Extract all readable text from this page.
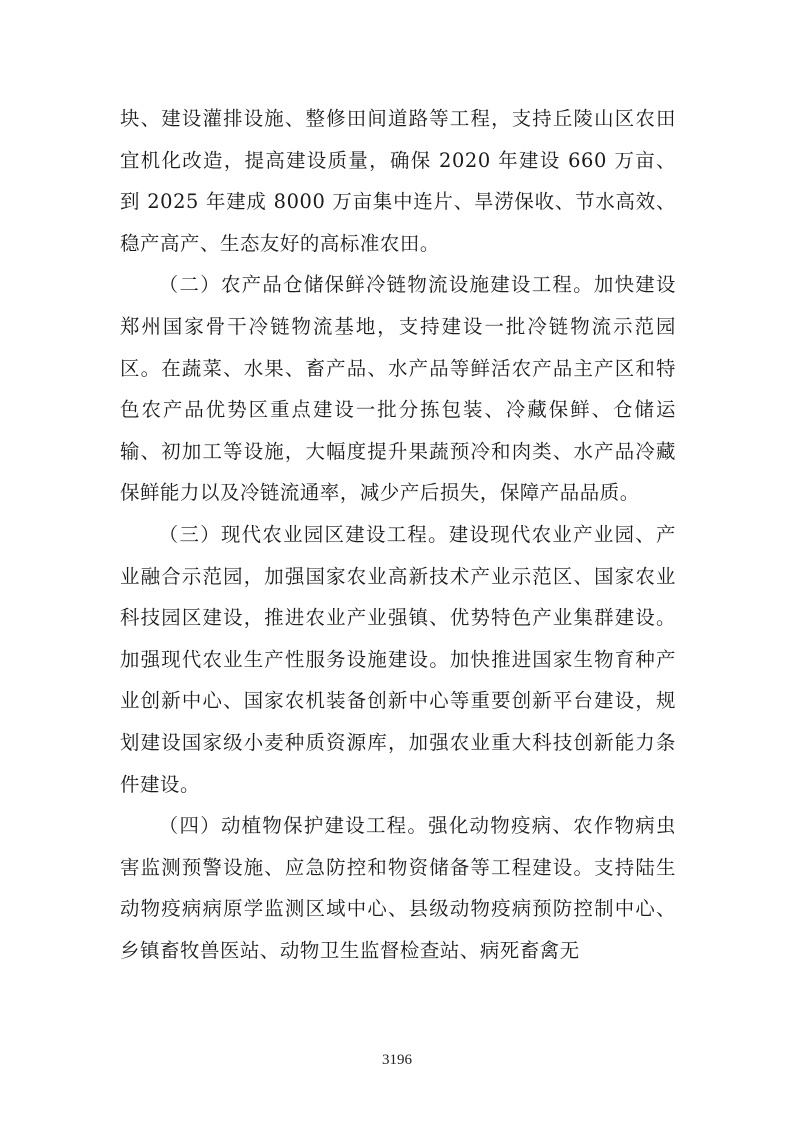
块、建设灌排设施、整修田间道路等工程，支持丘陵山区农田宜机化改造，提高建设质量，确保 2020 年建设 660 万亩、到 2025 年建成 8000 万亩集中连片、旱涝保收、节水高效、稳产高产、生态友好的高标准农田。

（二）农产品仓储保鲜冷链物流设施建设工程。加快建设郑州国家骨干冷链物流基地，支持建设一批冷链物流示范园区。在蔬菜、水果、畜产品、水产品等鲜活农产品主产区和特色农产品优势区重点建设一批分拣包装、冷藏保鲜、仓储运输、初加工等设施，大幅度提升果蔬预冷和肉类、水产品冷藏保鲜能力以及冷链流通率，减少产后损失，保障产品品质。

（三）现代农业园区建设工程。建设现代农业产业园、产业融合示范园，加强国家农业高新技术产业示范区、国家农业科技园区建设，推进农业产业强镇、优势特色产业集群建设。加强现代农业生产性服务设施建设。加快推进国家生物育种产业创新中心、国家农机装备创新中心等重要创新平台建设，规划建设国家级小麦种质资源库，加强农业重大科技创新能力条件建设。

（四）动植物保护建设工程。强化动物疫病、农作物病虫害监测预警设施、应急防控和物资储备等工程建设。支持陆生动物疫病病原学监测区域中心、县级动物疫病预防控制中心、乡镇畜牧兽医站、动物卫生监督检查站、病死畜禽无

3196
